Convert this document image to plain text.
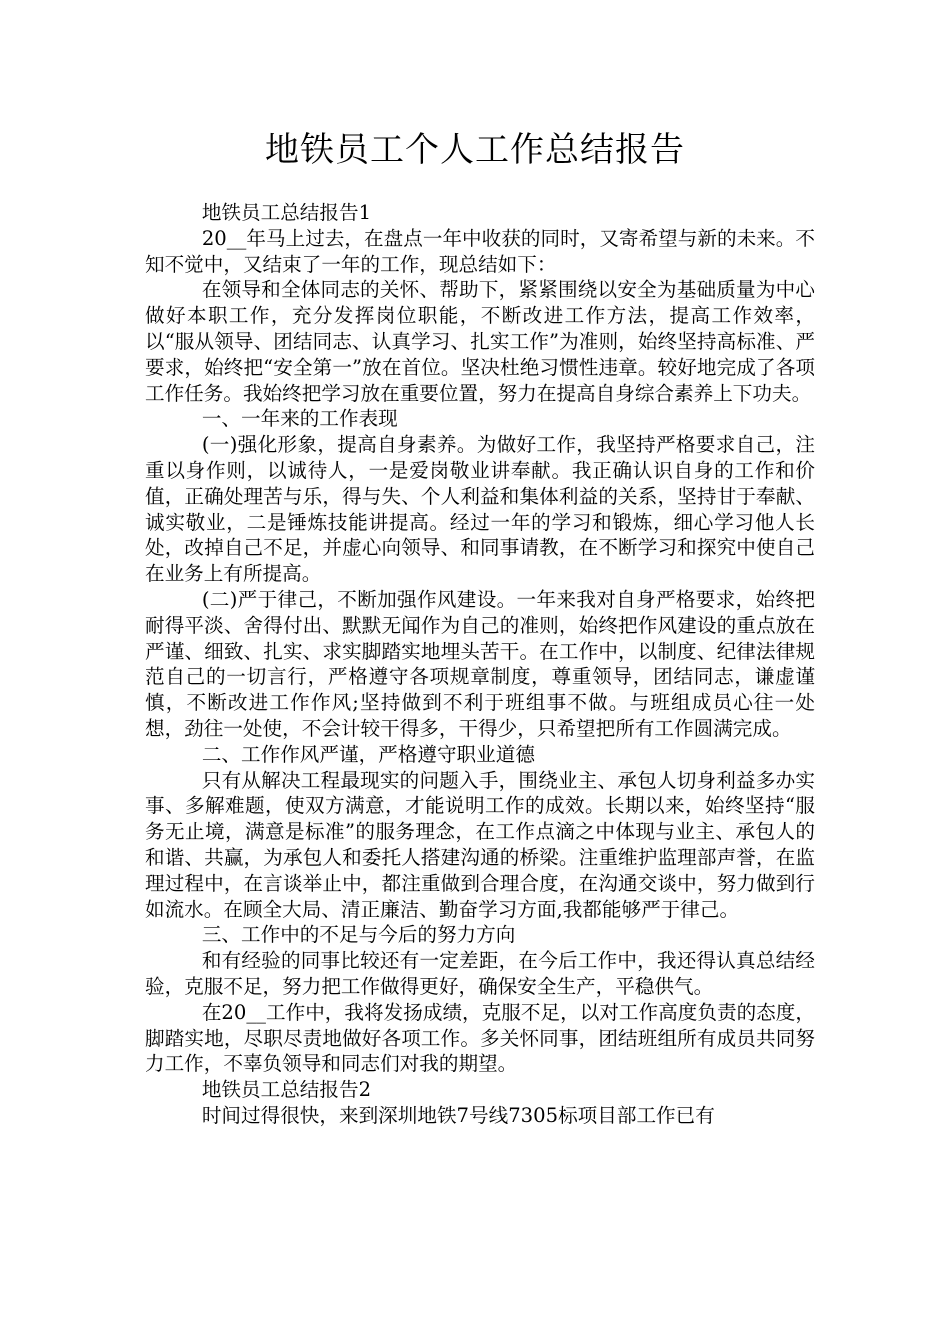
地铁员工个人工作总结报告

地铁员工总结报告1

20__年马上过去，在盘点一年中收获的同时，又寄希望与新的未来。不知不觉中，又结束了一年的工作，现总结如下：

在领导和全体同志的关怀、帮助下，紧紧围绕以安全为基础质量为中心做好本职工作，充分发挥岗位职能，不断改进工作方法，提高工作效率，以“服从领导、团结同志、认真学习、扎实工作”为准则，始终坚持高标准、严要求，始终把“安全第一”放在首位。坚决杜绝习惯性违章。较好地完成了各项工作任务。我始终把学习放在重要位置，努力在提高自身综合素养上下功夫。

一、一年来的工作表现

(一)强化形象，提高自身素养。为做好工作，我坚持严格要求自己，注重以身作则，以诚待人，一是爱岗敬业讲奉献。我正确认识自身的工作和价值，正确处理苦与乐，得与失、个人利益和集体利益的关系，坚持甘于奉献、诚实敬业，二是锤炼技能讲提高。经过一年的学习和锻炼，细心学习他人长处，改掉自己不足，并虚心向领导、和同事请教，在不断学习和探究中使自己在业务上有所提高。

(二)严于律己，不断加强作风建设。一年来我对自身严格要求，始终把耐得平淡、舍得付出、默默无闻作为自己的准则，始终把作风建设的重点放在严谨、细致、扎实、求实脚踏实地埋头苦干。在工作中，以制度、纪律法律规范自己的一切言行，严格遵守各项规章制度，尊重领导，团结同志，谦虚谨慎，不断改进工作作风;坚持做到不利于班组事不做。与班组成员心往一处想，劲往一处使，不会计较干得多，干得少，只希望把所有工作圆满完成。

二、工作作风严谨，严格遵守职业道德

只有从解决工程最现实的问题入手，围绕业主、承包人切身利益多办实事、多解难题，使双方满意，才能说明工作的成效。长期以来，始终坚持“服务无止境，满意是标准”的服务理念，在工作点滴之中体现与业主、承包人的和谐、共赢，为承包人和委托人搭建沟通的桥梁。注重维护监理部声誉，在监理过程中，在言谈举止中，都注重做到合理合度，在沟通交谈中，努力做到行如流水。在顾全大局、清正廉洁、勤奋学习方面,我都能够严于律己。

三、工作中的不足与今后的努力方向

和有经验的同事比较还有一定差距，在今后工作中，我还得认真总结经验，克服不足，努力把工作做得更好，确保安全生产，平稳供气。

在20__工作中，我将发扬成绩，克服不足，以对工作高度负责的态度，脚踏实地，尽职尽责地做好各项工作。多关怀同事，团结班组所有成员共同努力工作，不辜负领导和同志们对我的期望。

地铁员工总结报告2

时间过得很快，来到深圳地铁7号线7305标项目部工作已有
